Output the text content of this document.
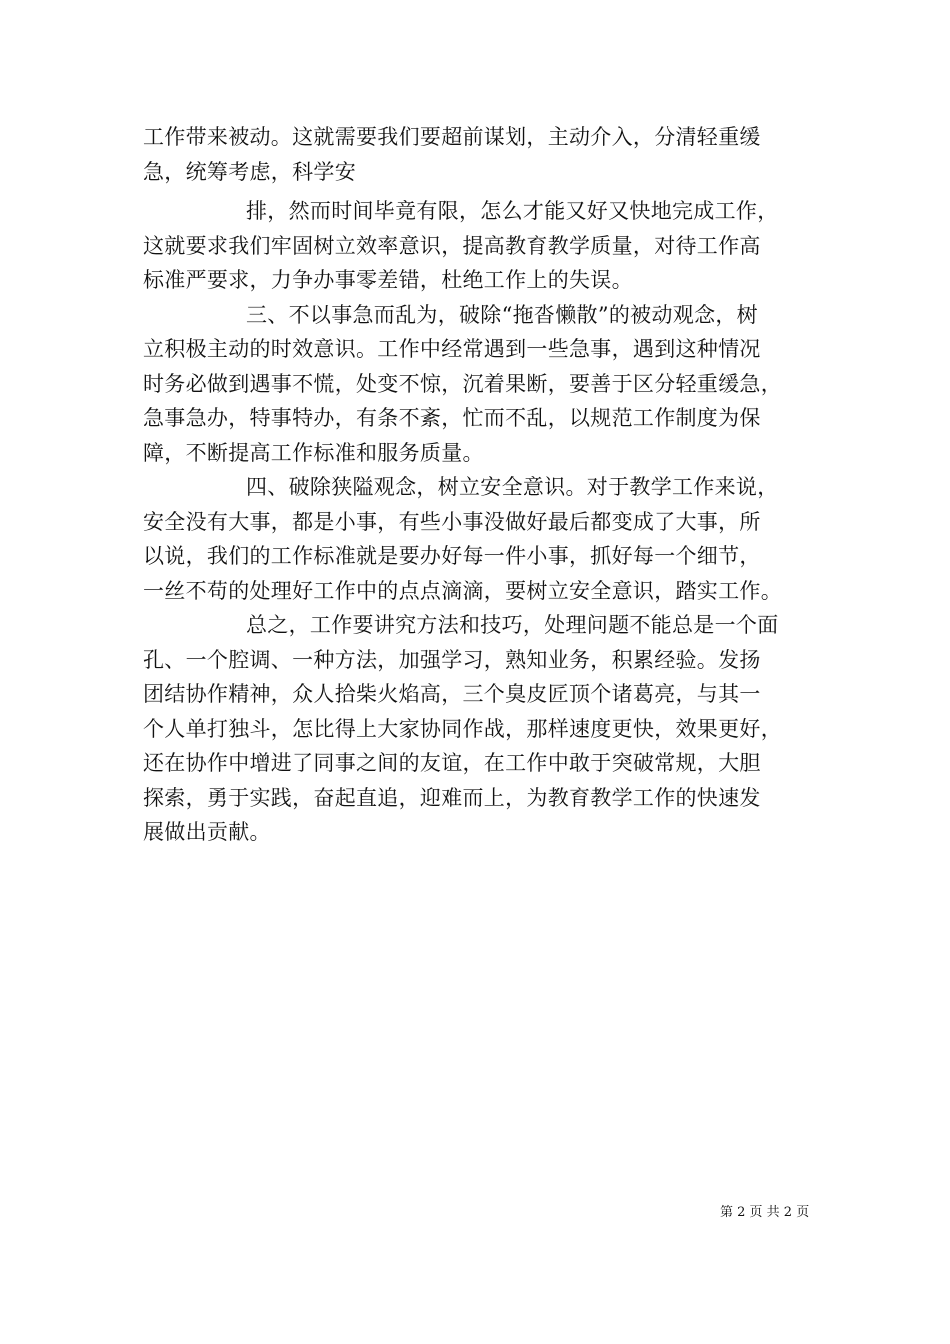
工作带来被动。这就需要我们要超前谋划，主动介入，分清轻重缓
急，统筹考虑，科学安
排，然而时间毕竟有限，怎么才能又好又快地完成工作，
这就要求我们牢固树立效率意识，提高教育教学质量，对待工作高
标准严要求，力争办事零差错，杜绝工作上的失误。
三、不以事急而乱为，破除“拖沓懒散”的被动观念，树
立积极主动的时效意识。工作中经常遇到一些急事，遇到这种情况
时务必做到遇事不慌，处变不惊，沉着果断，要善于区分轻重缓急，
急事急办，特事特办，有条不紊，忙而不乱，以规范工作制度为保
障，不断提高工作标准和服务质量。
四、破除狭隘观念，树立安全意识。对于教学工作来说，
安全没有大事，都是小事，有些小事没做好最后都变成了大事，所
以说，我们的工作标准就是要办好每一件小事，抓好每一个细节，
一丝不苟的处理好工作中的点点滴滴，要树立安全意识，踏实工作。
总之，工作要讲究方法和技巧，处理问题不能总是一个面
孔、一个腔调、一种方法，加强学习，熟知业务，积累经验。发扬
团结协作精神，众人拾柴火焰高，三个臭皮匠顶个诸葛亮，与其一
个人单打独斗，怎比得上大家协同作战，那样速度更快，效果更好，
还在协作中增进了同事之间的友谊，在工作中敢于突破常规，大胆
探索，勇于实践，奋起直追，迎难而上，为教育教学工作的快速发
展做出贡献。
第 2 页 共 2 页
